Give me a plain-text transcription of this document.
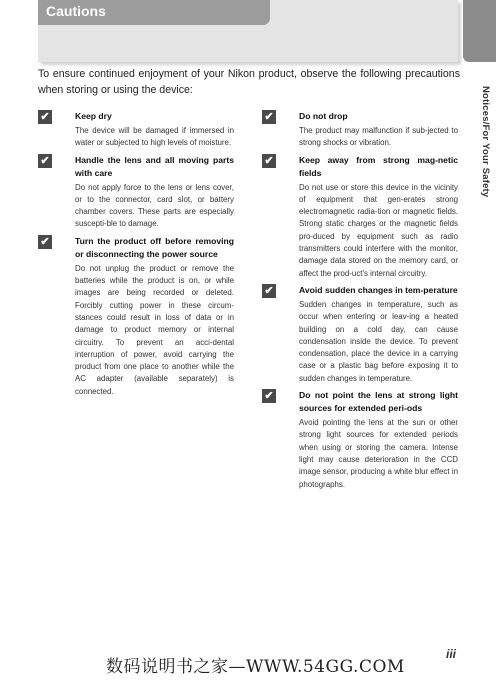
Cautions
Notices/For Your Safety
To ensure continued enjoyment of your Nikon product, observe the following precautions when storing or using the device:
✔	Keep dry

The device will be damaged if immersed in water or subjected to high levels of moisture.

✔	Handle the lens and all moving parts with care

Do not apply force to the lens or lens cover, or to the connector, card slot, or battery chamber covers. These parts are especially suscepti-ble to damage.

✔	Turn the product off before removing or disconnecting the power source

Do not unplug the product or remove the batteries while the product is on, or while images are being recorded or deleted. Forcibly cutting power in these circum-stances could result in loss of data or in damage to product memory or internal circuitry. To prevent an acci-dental interruption of power, avoid carrying the product from one place to another while the AC adapter (available separately) is connected.

✔	Do not drop

The product may malfunction if sub-jected to strong shocks or vibration.

✔	Keep away from strong mag-netic fields

Do not use or store this device in the vicinity of equipment that gen-erates strong electromagnetic radia-tion or magnetic fields. Strong static charges or the magnetic fields pro-duced by equipment such as radio transmitters could interfere with the monitor, damage data stored on the memory card, or affect the prod-uct's internal circuitry.

✔	Avoid sudden changes in tem-perature

Sudden changes in temperature, such as occur when entering or leav-ing a heated building on a cold day, can cause condensation inside the device. To prevent condensation, place the device in a carrying case or a plastic bag before exposing it to sudden changes in temperature.

✔	Do not point the lens at strong light sources for extended peri-ods

Avoid pointing the lens at the sun or other strong light sources for extended periods when using or storing the camera. Intense light may cause deterioration in the CCD image sensor, producing a white blur effect in photographs.

iii
数码说明书之家—WWW.54GG.COM
